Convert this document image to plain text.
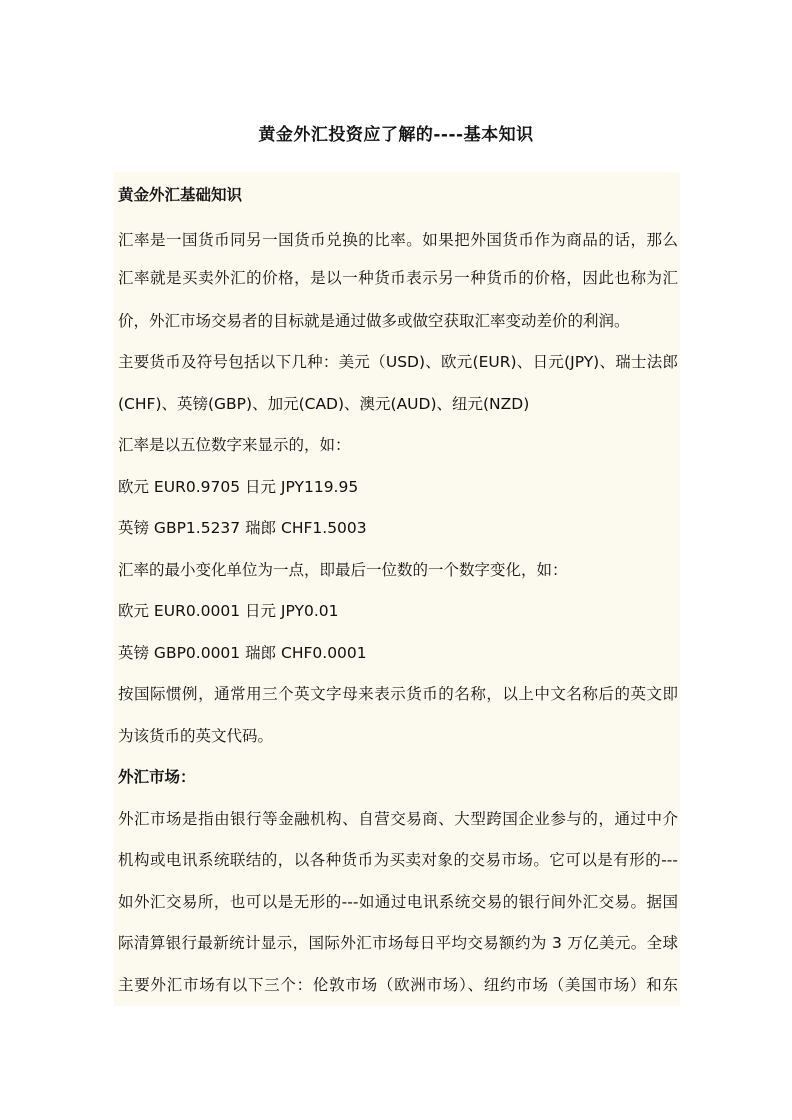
黄金外汇投资应了解的----基本知识
黄金外汇基础知识
汇率是一国货币同另一国货币兑换的比率。如果把外国货币作为商品的话，那么
汇率就是买卖外汇的价格，是以一种货币表示另一种货币的价格，因此也称为汇
价，外汇市场交易者的目标就是通过做多或做空获取汇率变动差价的利润。
主要货币及符号包括以下几种：美元（USD)、欧元(EUR)、日元(JPY)、瑞士法郎
(CHF)、英镑(GBP)、加元(CAD)、澳元(AUD)、纽元(NZD)
汇率是以五位数字来显示的，如：
欧元 EUR0.9705 日元 JPY119.95
英镑 GBP1.5237 瑞郎 CHF1.5003
汇率的最小变化单位为一点，即最后一位数的一个数字变化，如：
欧元 EUR0.0001 日元 JPY0.01
英镑 GBP0.0001 瑞郎 CHF0.0001
按国际惯例，通常用三个英文字母来表示货币的名称，以上中文名称后的英文即
为该货币的英文代码。
外汇市场：
外汇市场是指由银行等金融机构、自营交易商、大型跨国企业参与的，通过中介
机构或电讯系统联结的，以各种货币为买卖对象的交易市场。它可以是有形的---
如外汇交易所，也可以是无形的---如通过电讯系统交易的银行间外汇交易。据国
际清算银行最新统计显示，国际外汇市场每日平均交易额约为 3 万亿美元。全球
主要外汇市场有以下三个：伦敦市场（欧洲市场）、纽约市场（美国市场）和东
